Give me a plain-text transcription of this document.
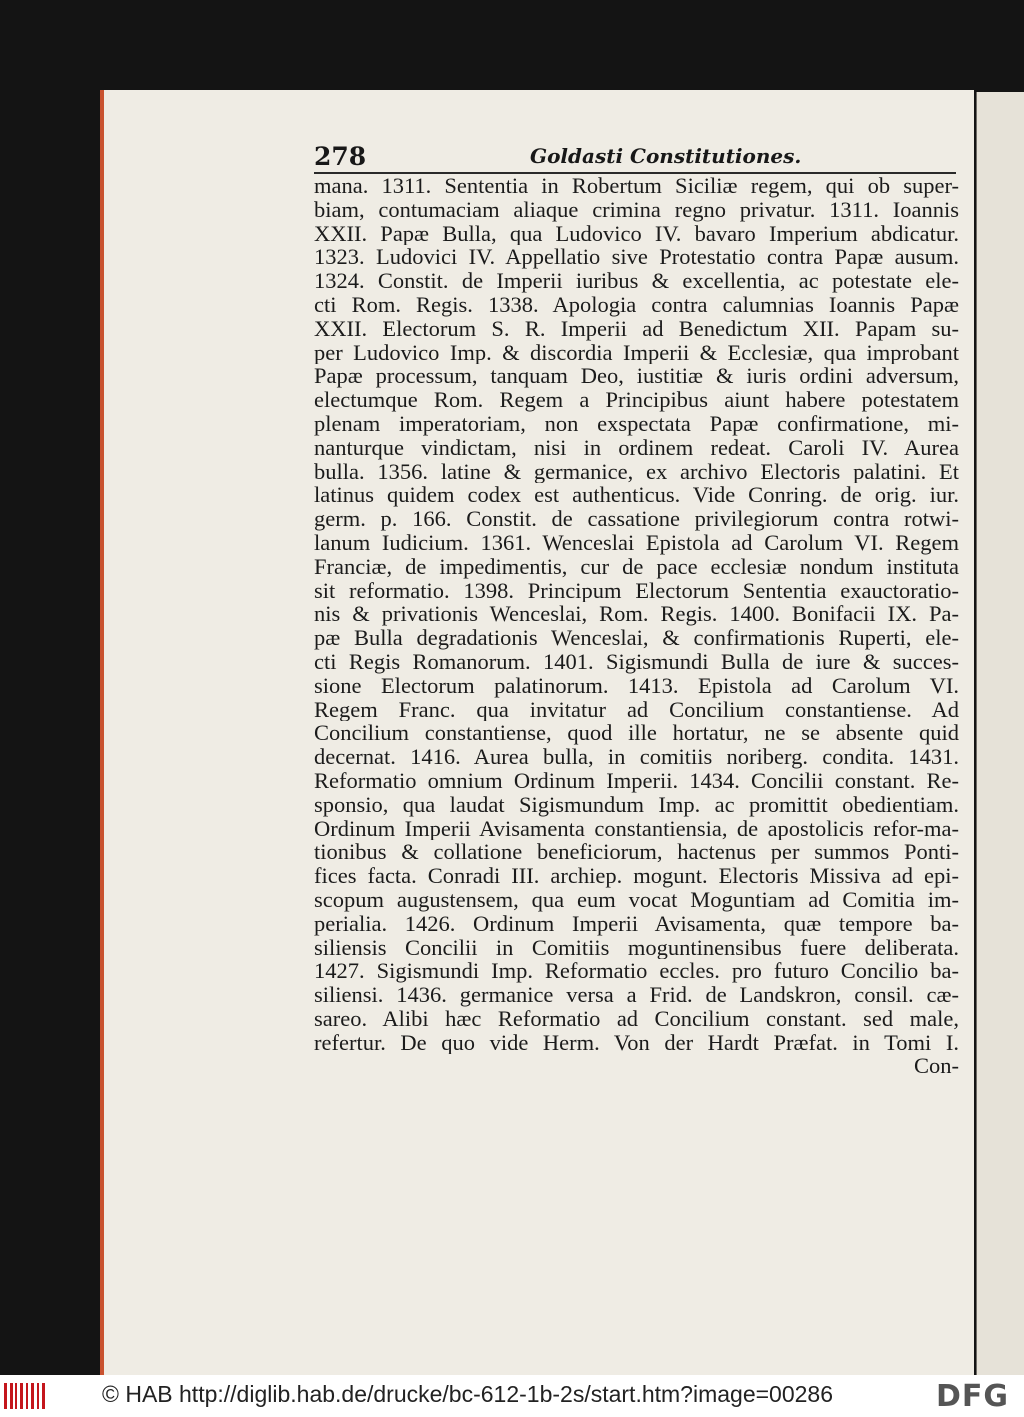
278	Goldasti Constitutiones.
mana. 1311. Sententia in Robertum Siciliæ regem, qui ob super-
biam, contumaciam aliaque crimina regno privatur. 1311. Ioannis
XXII. Papæ Bulla, qua Ludovico IV. bavaro Imperium abdicatur.
1323. Ludovici IV. Appellatio sive Protestatio contra Papæ ausum.
1324. Constit. de Imperii iuribus & excellentia, ac potestate ele-
cti Rom. Regis. 1338. Apologia contra calumnias Ioannis Papæ
XXII. Electorum S. R. Imperii ad Benedictum XII. Papam su-
per Ludovico Imp. & discordia Imperii & Ecclesiæ, qua improbant
Papæ processum, tanquam Deo, iustitiæ & iuris ordini adversum,
electumque Rom. Regem a Principibus aiunt habere potestatem
plenam imperatoriam, non exspectata Papæ confirmatione, mi-
nanturque vindictam, nisi in ordinem redeat. Caroli IV. Aurea
bulla. 1356. latine & germanice, ex archivo Electoris palatini. Et
latinus quidem codex est authenticus. Vide Conring. de orig. iur.
germ. p. 166. Constit. de cassatione privilegiorum contra rotwi-
lanum Iudicium. 1361. Wenceslai Epistola ad Carolum VI. Regem
Franciæ, de impedimentis, cur de pace ecclesiæ nondum instituta
sit reformatio. 1398. Principum Electorum Sententia exauctoratio-
nis & privationis Wenceslai, Rom. Regis. 1400. Bonifacii IX. Pa-
pæ Bulla degradationis Wenceslai, & confirmationis Ruperti, ele-
cti Regis Romanorum. 1401. Sigismundi Bulla de iure & succes-
sione Electorum palatinorum. 1413. Epistola ad Carolum VI.
Regem Franc. qua invitatur ad Concilium constantiense. Ad
Concilium constantiense, quod ille hortatur, ne se absente quid
decernat. 1416. Aurea bulla, in comitiis noriberg. condita. 1431.
Reformatio omnium Ordinum Imperii. 1434. Concilii constant. Re-
sponsio, qua laudat Sigismundum Imp. ac promittit obedientiam.
Ordinum Imperii Avisamenta constantiensia, de apostolicis refor-ma-
tionibus & collatione beneficiorum, hactenus per summos Ponti-
fices facta. Conradi III. archiep. mogunt. Electoris Missiva ad epi-
scopum augustensem, qua eum vocat Moguntiam ad Comitia im-
perialia. 1426. Ordinum Imperii Avisamenta, quæ tempore ba-
siliensis Concilii in Comitiis moguntinensibus fuere deliberata.
1427. Sigismundi Imp. Reformatio eccles. pro futuro Concilio ba-
siliensi. 1436. germanice versa a Frid. de Landskron, consil. cæ-
sareo. Alibi hæc Reformatio ad Concilium constant. sed male,
refertur. De quo vide Herm. Von der Hardt Præfat. in Tomi I.
Con-
© HAB http://diglib.hab.de/drucke/bc-612-1b-2s/start.htm?image=00286	DFG
